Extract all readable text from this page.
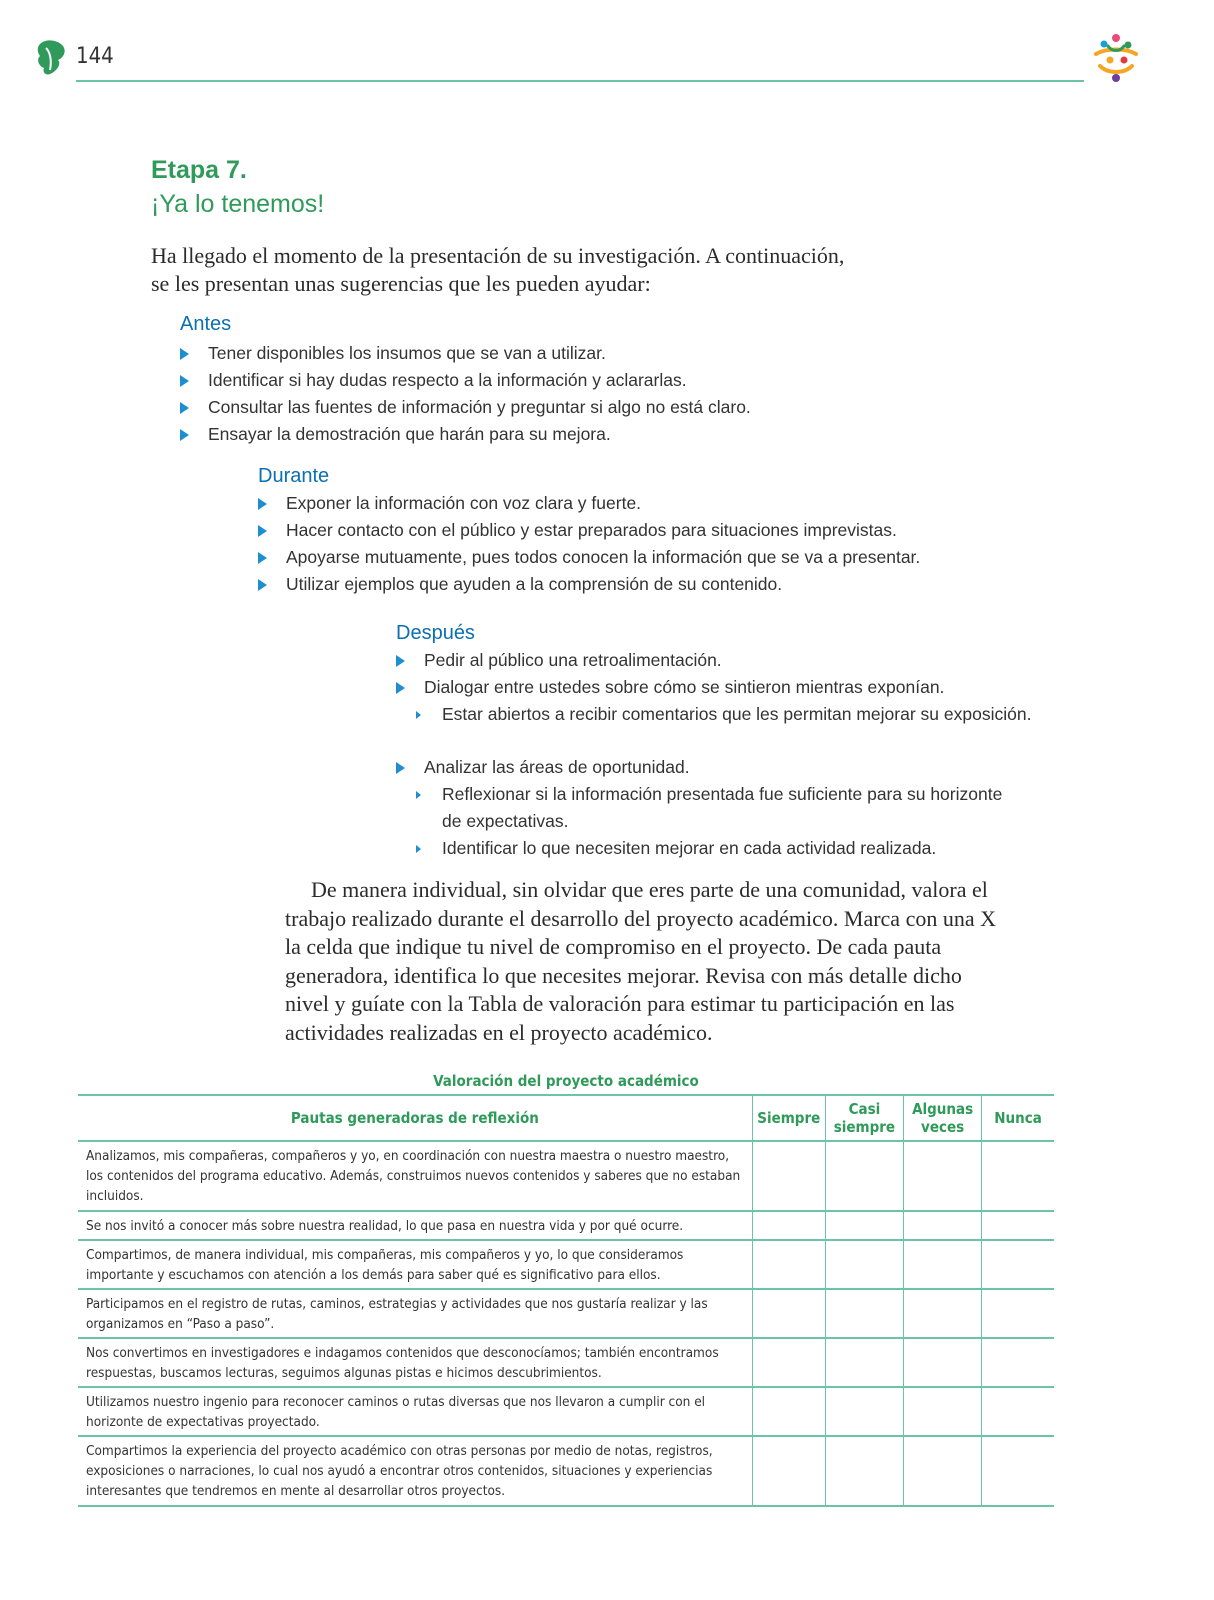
144
Etapa 7.
¡Ya lo tenemos!
Ha llegado el momento de la presentación de su investigación. A continuación, se les presentan unas sugerencias que les pueden ayudar:
Antes
Tener disponibles los insumos que se van a utilizar.
Identificar si hay dudas respecto a la información y aclararlas.
Consultar las fuentes de información y preguntar si algo no está claro.
Ensayar la demostración que harán para su mejora.
Durante
Exponer la información con voz clara y fuerte.
Hacer contacto con el público y estar preparados para situaciones imprevistas.
Apoyarse mutuamente, pues todos conocen la información que se va a presentar.
Utilizar ejemplos que ayuden a la comprensión de su contenido.
Después
Pedir al público una retroalimentación.
Dialogar entre ustedes sobre cómo se sintieron mientras exponían.
Estar abiertos a recibir comentarios que les permitan mejorar su exposición.
Analizar las áreas de oportunidad.
Reflexionar si la información presentada fue suficiente para su horizonte
de expectativas.
Identificar lo que necesiten mejorar en cada actividad realizada.
De manera individual, sin olvidar que eres parte de una comunidad, valora el trabajo realizado durante el desarrollo del proyecto académico. Marca con una X la celda que indique tu nivel de compromiso en el proyecto. De cada pauta generadora, identifica lo que necesites mejorar. Revisa con más detalle dicho nivel y guíate con la Tabla de valoración para estimar tu participación en las actividades realizadas en el proyecto académico.
Valoración del proyecto académico
Pautas generadoras de reflexión	Siempre	Casi siempre	Algunas veces	Nunca
Analizamos, mis compañeras, compañeros y yo, en coordinación con nuestra maestra o nuestro maestro, los contenidos del programa educativo. Además, construimos nuevos contenidos y saberes que no estaban incluidos.				
Se nos invitó a conocer más sobre nuestra realidad, lo que pasa en nuestra vida y por qué ocurre.				
Compartimos, de manera individual, mis compañeras, mis compañeros y yo, lo que consideramos importante y escuchamos con atención a los demás para saber qué es significativo para ellos.				
Participamos en el registro de rutas, caminos, estrategias y actividades que nos gustaría realizar y las organizamos en “Paso a paso”.				
Nos convertimos en investigadores e indagamos contenidos que desconocíamos; también encontramos respuestas, buscamos lecturas, seguimos algunas pistas e hicimos descubrimientos.				
Utilizamos nuestro ingenio para reconocer caminos o rutas diversas que nos llevaron a cumplir con el horizonte de expectativas proyectado.				
Compartimos la experiencia del proyecto académico con otras personas por medio de notas, registros, exposiciones o narraciones, lo cual nos ayudó a encontrar otros contenidos, situaciones y experiencias interesantes que tendremos en mente al desarrollar otros proyectos.				
